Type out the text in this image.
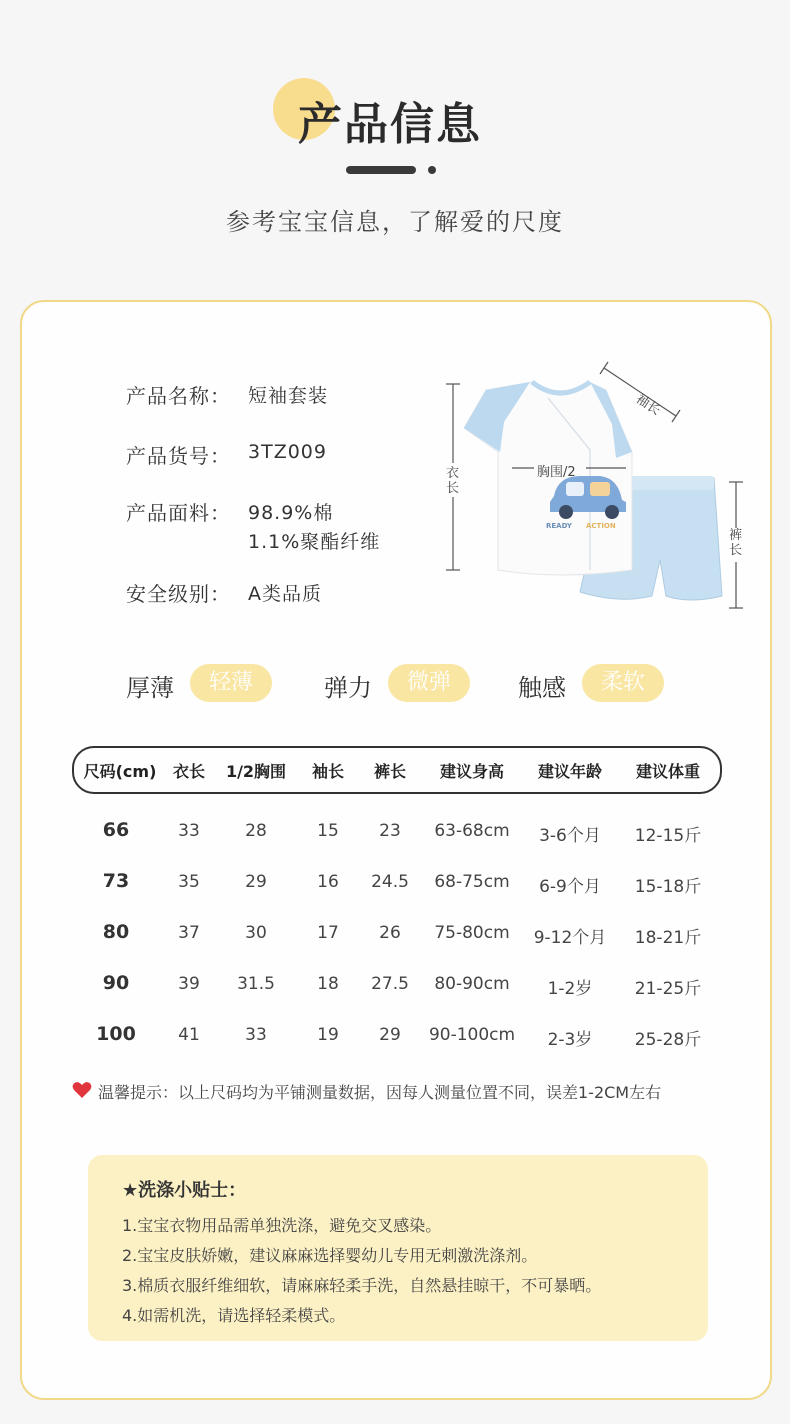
产品信息
参考宝宝信息，了解爱的尺度
产品名称： 短袖套装
产品货号： 3TZ009
产品面料： 98.9%棉
1.1%聚酯纤维
安全级别： A类品质
READY ACTION
胸围/2
衣长
裤长
袖长
厚薄	轻薄	弹力	微弹	触感	柔软
尺码(cm) 衣长 1/2胸围 袖长 裤长 建议身高 建议年龄 建议体重
66	33	28	15 23 63-68cm 3-6个月 12-15斤
73	35	29	16 24.5 68-75cm 6-9个月 15-18斤
80	37	30	17 26 75-80cm 9-12个月 18-21斤
90	39 31.5 18 27.5 80-90cm 1-2岁 21-25斤
100 41	33	19 29 90-100cm 2-3岁 25-28斤
温馨提示：以上尺码均为平铺测量数据，因每人测量位置不同，误差1-2CM左右
★洗涤小贴士：
1.宝宝衣物用品需单独洗涤，避免交叉感染。
2.宝宝皮肤娇嫩，建议麻麻选择婴幼儿专用无刺激洗涤剂。
3.棉质衣服纤维细软，请麻麻轻柔手洗，自然悬挂晾干，不可暴晒。
4.如需机洗，请选择轻柔模式。
